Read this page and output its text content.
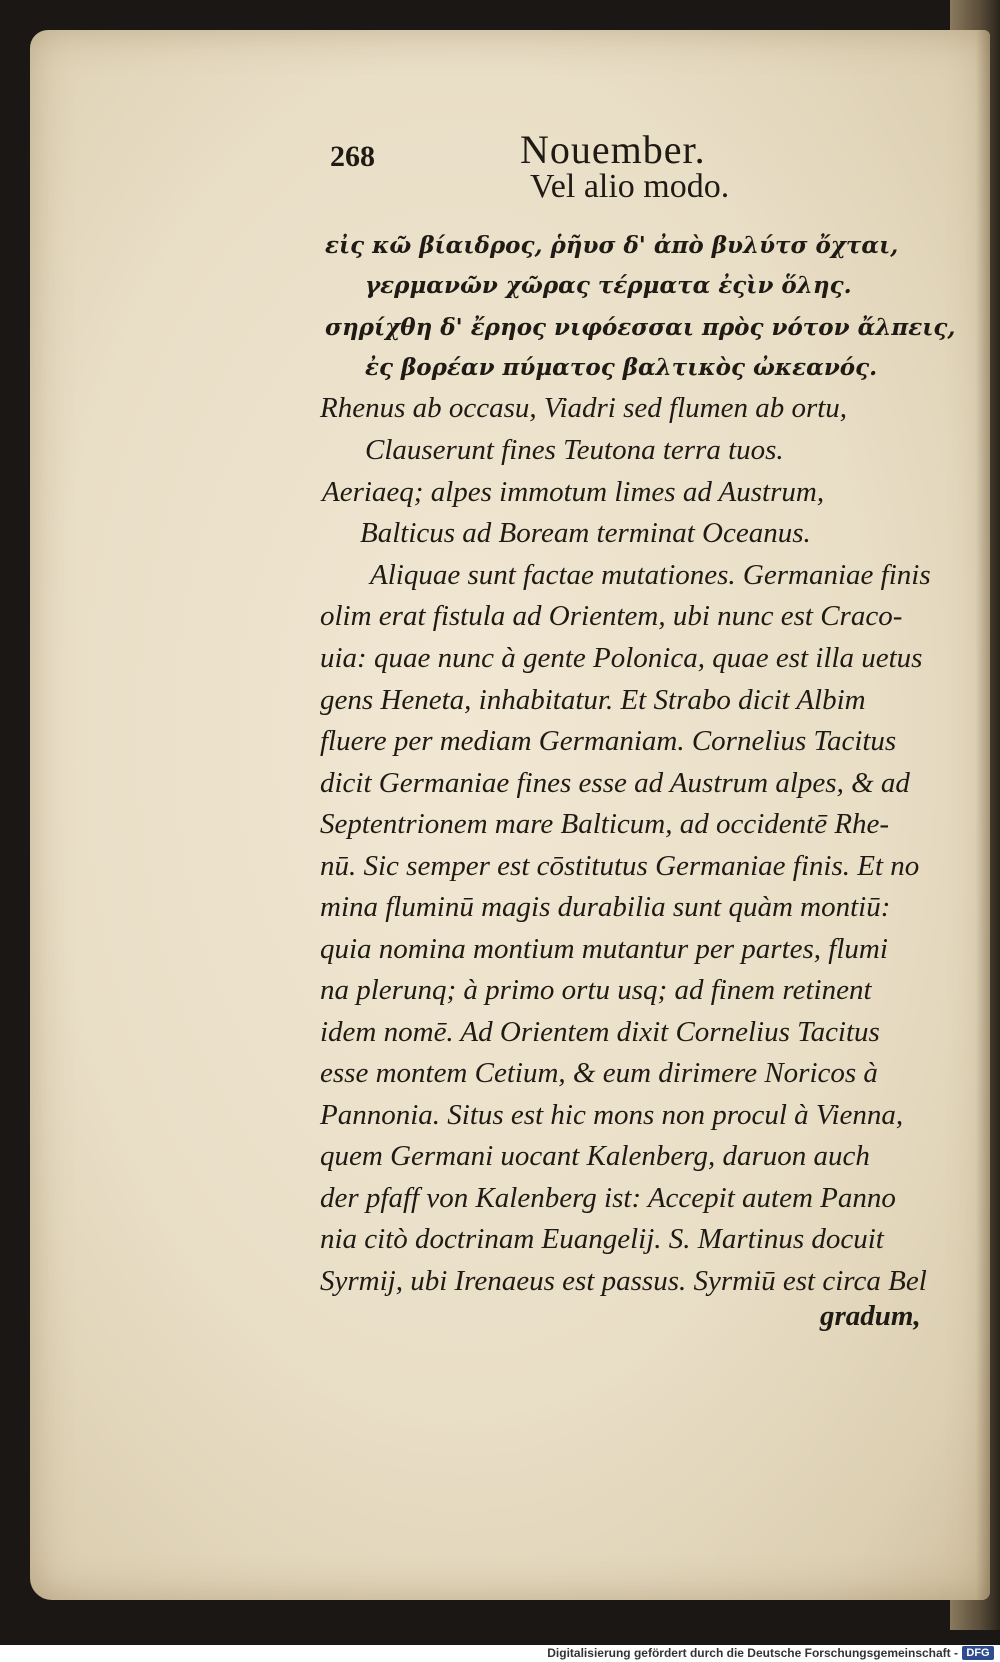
268	Nouember.
Vel alio modo.
εἰς κῶ βίαιδρος, ῥῆυσ δ' ἀπὸ βυλύτσ ὄχται,
γερμανῶν χῶρας τέρματα ἐςὶν ὅλης.
σηρίχθη δ' ἔρηος νιφόεσσαι πρὸς νότον ἄλπεις,
ἐς βορέαν πύματος βαλτικὸς ὠκεανός.
Rhenus ab occasu, Viadri sed flumen ab ortu,
Clauserunt fines Teutona terra tuos.
Aeriaeq; alpes immotum limes ad Austrum,
Balticus ad Boream terminat Oceanus.
Aliquae sunt factae mutationes. Germaniae finis
olim erat fistula ad Orientem, ubi nunc est Craco-
uia: quae nunc à gente Polonica, quae est illa uetus
gens Heneta, inhabitatur. Et Strabo dicit Albim
fluere per mediam Germaniam. Cornelius Tacitus
dicit Germaniae fines esse ad Austrum alpes, & ad
Septentrionem mare Balticum, ad occidentē Rhe-
nū. Sic semper est cōstitutus Germaniae finis. Et no
mina fluminū magis durabilia sunt quàm montiū:
quia nomina montium mutantur per partes, flumi
na plerunq; à primo ortu usq; ad finem retinent
idem nomē. Ad Orientem dixit Cornelius Tacitus
esse montem Cetium, & eum dirimere Noricos à
Pannonia. Situs est hic mons non procul à Vienna,
quem Germani uocant Kalenberg, daruon auch
der pfaff von Kalenberg ist: Accepit autem Panno
nia citò doctrinam Euangelij. S. Martinus docuit
Syrmij, ubi Irenaeus est passus. Syrmiū est circa Bel
gradum,
Digitalisierung gefördert durch die Deutsche Forschungsgemeinschaft - DFG
